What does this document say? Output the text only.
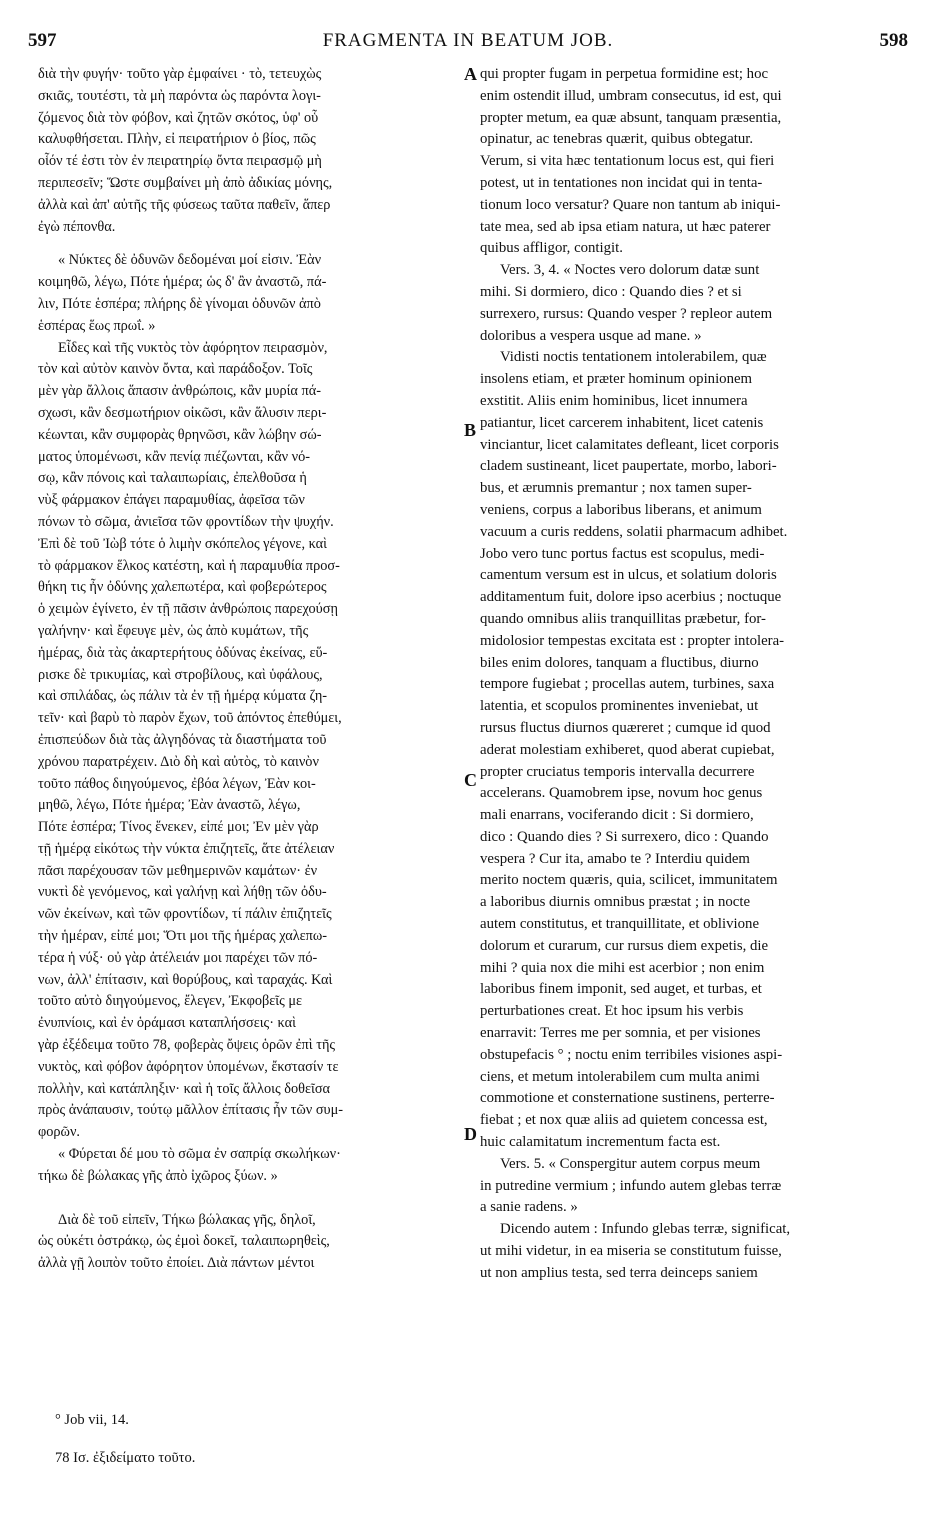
597	FRAGMENTA IN BEATUM JOB.	598
διὰ τὴν φυγήν· τοῦτο γὰρ ἐμφαίνει · τὸ, τετευχὼς
σκιᾶς, τουτέστι, τὰ μὴ παρόντα ὡς παρόντα λογι-
ζόμενος διὰ τὸν φόβον, καὶ ζητῶν σκότος, ὑφ' οὗ
καλυφθήσεται. Πλὴν, εἰ πειρατήριον ὁ βίος, πῶς
οἷόν τέ ἐστι τὸν ἐν πειρατηρίῳ ὄντα πειρασμῷ μὴ
περιπεσεῖν; Ὥστε συμβαίνει μὴ ἀπὸ ἀδικίας μόνης,
ἀλλὰ καὶ ἀπ' αὐτῆς τῆς φύσεως ταῦτα παθεῖν, ἅπερ
ἐγὼ πέπονθα.
« Νύκτες δὲ ὀδυνῶν δεδομέναι μοί εἰσιν. Ἐὰν
κοιμηθῶ, λέγω, Πότε ἡμέρα; ὡς δ' ἂν ἀναστῶ, πά-
λιν, Πότε ἑσπέρα; πλήρης δὲ γίνομαι ὀδυνῶν ἀπὸ
ἑσπέρας ἕως πρωΐ. »
Εἶδες καὶ τῆς νυκτὸς τὸν ἀφόρητον πειρασμὸν,
τὸν καὶ αὐτὸν καινὸν ὄντα, καὶ παράδοξον. Τοῖς
μὲν γὰρ ἄλλοις ἅπασιν ἀνθρώποις, κἂν μυρία πά-
σχωσι, κἂν δεσμωτήριον οἰκῶσι, κἂν ἅλυσιν περι-
κέωνται, κἂν συμφορὰς θρηνῶσι, κἂν λώβην σώ-
ματος ὑπομένωσι, κἂν πενίᾳ πιέζωνται, κἂν νό-
σῳ, κἂν πόνοις καὶ ταλαιπωρίαις, ἐπελθοῦσα ἡ
νὺξ φάρμακον ἐπάγει παραμυθίας, ἀφεῖσα τῶν
πόνων τὸ σῶμα, ἀνιεῖσα τῶν φροντίδων τὴν ψυχήν.
Ἐπὶ δὲ τοῦ Ἰὼβ τότε ὁ λιμὴν σκόπελος γέγονε, καὶ
τὸ φάρμακον ἕλκος κατέστη, καὶ ἡ παραμυθία προσ-
θήκη τις ἦν ὀδύνης χαλεπωτέρα, καὶ φοβερώτερος
ὁ χειμὼν ἐγίνετο, ἐν τῇ πᾶσιν ἀνθρώποις παρεχούσῃ
γαλήνην· καὶ ἔφευγε μὲν, ὡς ἀπὸ κυμάτων, τῆς
ἡμέρας, διὰ τὰς ἀκαρτερήτους ὀδύνας ἐκείνας, εὕ-
ρισκε δὲ τρικυμίας, καὶ στροβίλους, καὶ ὑφάλους,
καὶ σπιλάδας, ὡς πάλιν τὰ ἐν τῇ ἡμέρᾳ κύματα ζη-
τεῖν· καὶ βαρὺ τὸ παρὸν ἔχων, τοῦ ἀπόντος ἐπεθύμει,
ἐπισπεύδων διὰ τὰς ἀλγηδόνας τὰ διαστήματα τοῦ
χρόνου παρατρέχειν. Διὸ δὴ καὶ αὐτὸς, τὸ καινὸν
τοῦτο πάθος διηγούμενος, ἐβόα λέγων, Ἐὰν κοι-
μηθῶ, λέγω, Πότε ἡμέρα; Ἐὰν ἀναστῶ, λέγω,
Πότε ἑσπέρα; Τίνος ἕνεκεν, εἰπέ μοι; Ἐν μὲν γὰρ
τῇ ἡμέρᾳ εἰκότως τὴν νύκτα ἐπιζητεῖς, ἅτε ἀτέλειαν
πᾶσι παρέχουσαν τῶν μεθημερινῶν καμάτων· ἐν
νυκτὶ δὲ γενόμενος, καὶ γαλήνῃ καὶ λήθῃ τῶν ὀδυ-
νῶν ἐκείνων, καὶ τῶν φροντίδων, τί πάλιν ἐπιζητεῖς
τὴν ἡμέραν, εἰπέ μοι; Ὅτι μοι τῆς ἡμέρας χαλεπω-
τέρα ἡ νύξ· οὐ γὰρ ἀτέλειάν μοι παρέχει τῶν πό-
νων, ἀλλ' ἐπίτασιν, καὶ θορύβους, καὶ ταραχάς. Καὶ
τοῦτο αὐτὸ διηγούμενος, ἔλεγεν, Ἐκφοβεῖς με
ἐνυπνίοις, καὶ ἐν ὁράμασι καταπλήσσεις· καὶ
γὰρ ἐξέδειμα τοῦτο 78, φοβερὰς ὄψεις ὁρῶν ἐπὶ τῆς
νυκτὸς, καὶ φόβον ἀφόρητον ὑπομένων, ἔκστασίν τε
πολλὴν, καὶ κατάπληξιν· καὶ ἡ τοῖς ἄλλοις δοθεῖσα
πρὸς ἀνάπαυσιν, τούτῳ μᾶλλον ἐπίτασις ἦν τῶν συμ-
φορῶν.
« Φύρεται δέ μου τὸ σῶμα ἐν σαπρίᾳ σκωλήκων·
τήκω δὲ βώλακας γῆς ἀπὸ ἰχῶρος ξύων. »
Διὰ δὲ τοῦ εἰπεῖν, Τήκω βώλακας γῆς, δηλοῖ,
ὡς οὐκέτι ὀστράκῳ, ὡς ἐμοὶ δοκεῖ, ταλαιπωρηθεὶς,
ἀλλὰ γῇ λοιπὸν τοῦτο ἐποίει. Διὰ πάντων μέντοι
qui propter fugam in perpetua formidine est; hoc
enim ostendit illud, umbram consecutus, id est, qui
propter metum, ea quæ absunt, tanquam præsentia,
opinatur, ac tenebras quærit, quibus obtegatur.
Verum, si vita hæc tentationum locus est, qui fieri
potest, ut in tentationes non incidat qui in tenta-
tionum loco versatur? Quare non tantum ab iniqui-
tate mea, sed ab ipsa etiam natura, ut hæc paterer
quibus affligor, contigit.
Vers. 3, 4. « Noctes vero dolorum datæ sunt
mihi. Si dormiero, dico : Quando dies ? et si
surrexero, rursus: Quando vesper ? repleor autem
doloribus a vespera usque ad mane. »
Vidisti noctis tentationem intolerabilem, quæ
insolens etiam, et præter hominum opinionem
exstitit. Aliis enim hominibus, licet innumera
patiantur, licet carcerem inhabitent, licet catenis
vinciantur, licet calamitates defleant, licet corporis
cladem sustineant, licet paupertate, morbo, labori-
bus, et ærumnis premantur ; nox tamen super-
veniens, corpus a laboribus liberans, et animum
vacuum a curis reddens, solatii pharmacum adhibet.
Jobo vero tunc portus factus est scopulus, medi-
camentum versum est in ulcus, et solatium doloris
additamentum fuit, dolore ipso acerbius ; noctuque
quando omnibus aliis tranquillitas præbetur, for-
midolosior tempestas excitata est : propter intolera-
biles enim dolores, tanquam a fluctibus, diurno
tempore fugiebat ; procellas autem, turbines, saxa
latentia, et scopulos prominentes inveniebat, ut
rursus fluctus diurnos quæreret ; cumque id quod
aderat molestiam exhiberet, quod aberat cupiebat,
propter cruciatus temporis intervalla decurrere
accelerans. Quamobrem ipse, novum hoc genus
mali enarrans, vociferando dicit : Si dormiero,
dico : Quando dies ? Si surrexero, dico : Quando
vespera ? Cur ita, amabo te ? Interdiu quidem
merito noctem quæris, quia, scilicet, immunitatem
a laboribus diurnis omnibus præstat ; in nocte
autem constitutus, et tranquillitate, et oblivione
dolorum et curarum, cur rursus diem expetis, die
mihi ? quia nox die mihi est acerbior ; non enim
laboribus finem imponit, sed auget, et turbas, et
perturbationes creat. Et hoc ipsum his verbis
enarravit: Terres me per somnia, et per visiones
obstupefacis ° ; noctu enim terribiles visiones aspi-
ciens, et metum intolerabilem cum multa animi
commotione et consternatione sustinens, perterre-
fiebat ; et nox quæ aliis ad quietem concessa est,
huic calamitatum incrementum facta est.
Vers. 5. « Conspergitur autem corpus meum
in putredine vermium ; infundo autem glebas terræ
a sanie radens. »
Dicendo autem : Infundo glebas terræ, significat,
ut mihi videtur, in ea miseria se constitutum fuisse,
ut non amplius testa, sed terra deinceps saniem
A
B
C
D
° Job vii, 14.
78 Ισ. ἐξιδείματο τοῦτο.
